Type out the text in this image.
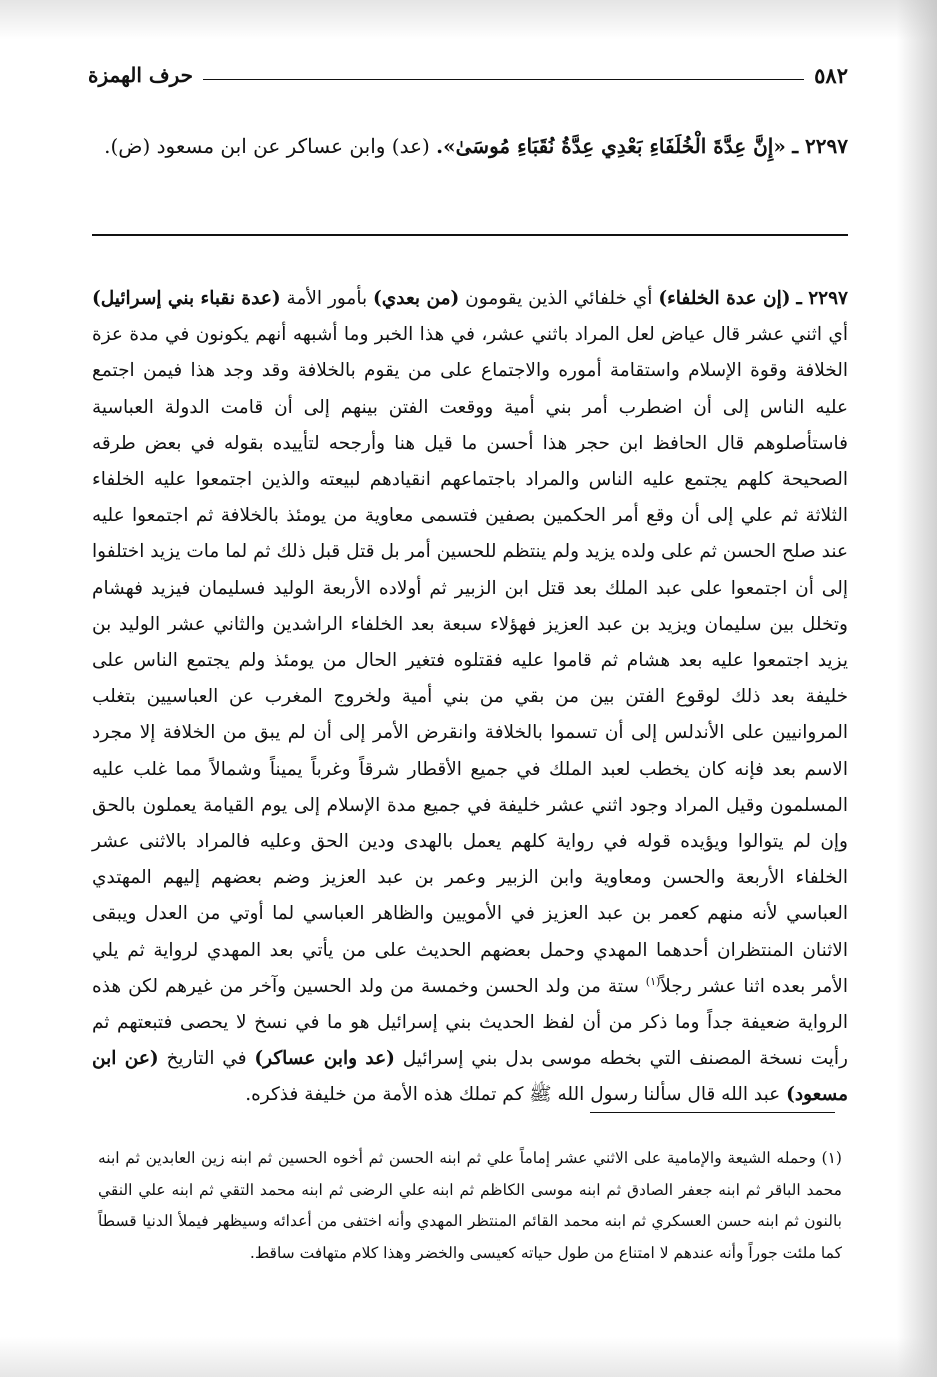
٥٨٢
حرف الهمزة
٢٢٩٧ ـ «إِنَّ عِدَّةَ الْخُلَفَاءِ بَعْدِي عِدَّةُ نُقَبَاءِ مُوسَىٰ». (عد) وابن عساكر عن ابن مسعود (ض).
٢٢٩٧ ـ (إن عدة الخلفاء) أي خلفائي الذين يقومون (من بعدي) بأمور الأمة (عدة نقباء بني إسرائيل) أي اثني عشر قال عياض لعل المراد باثني عشر، في هذا الخبر وما أشبهه أنهم يكونون في مدة عزة الخلافة وقوة الإسلام واستقامة أموره والاجتماع على من يقوم بالخلافة وقد وجد هذا فيمن اجتمع عليه الناس إلى أن اضطرب أمر بني أمية ووقعت الفتن بينهم إلى أن قامت الدولة العباسية فاستأصلوهم قال الحافظ ابن حجر هذا أحسن ما قيل هنا وأرجحه لتأييده بقوله في بعض طرقه الصحيحة كلهم يجتمع عليه الناس والمراد باجتماعهم انقيادهم لبيعته والذين اجتمعوا عليه الخلفاء الثلاثة ثم علي إلى أن وقع أمر الحكمين بصفين فتسمى معاوية من يومئذ بالخلافة ثم اجتمعوا عليه عند صلح الحسن ثم على ولده يزيد ولم ينتظم للحسين أمر بل قتل قبل ذلك ثم لما مات يزيد اختلفوا إلى أن اجتمعوا على عبد الملك بعد قتل ابن الزبير ثم أولاده الأربعة الوليد فسليمان فيزيد فهشام وتخلل بين سليمان ويزيد بن عبد العزيز فهؤلاء سبعة بعد الخلفاء الراشدين والثاني عشر الوليد بن يزيد اجتمعوا عليه بعد هشام ثم قاموا عليه فقتلوه فتغير الحال من يومئذ ولم يجتمع الناس على خليفة بعد ذلك لوقوع الفتن بين من بقي من بني أمية ولخروج المغرب عن العباسيين بتغلب المروانيين على الأندلس إلى أن تسموا بالخلافة وانقرض الأمر إلى أن لم يبق من الخلافة إلا مجرد الاسم بعد فإنه كان يخطب لعبد الملك في جميع الأقطار شرقاً وغرباً يميناً وشمالاً مما غلب عليه المسلمون وقيل المراد وجود اثني عشر خليفة في جميع مدة الإسلام إلى يوم القيامة يعملون بالحق وإن لم يتوالوا ويؤيده قوله في رواية كلهم يعمل بالهدى ودين الحق وعليه فالمراد بالاثنى عشر الخلفاء الأربعة والحسن ومعاوية وابن الزبير وعمر بن عبد العزيز وضم بعضهم إليهم المهتدي العباسي لأنه منهم كعمر بن عبد العزيز في الأمويين والظاهر العباسي لما أوتي من العدل ويبقى الاثنان المنتظران أحدهما المهدي وحمل بعضهم الحديث على من يأتي بعد المهدي لرواية ثم يلي الأمر بعده اثنا عشر رجلاً$^{(١)}$ ستة من ولد الحسن وخمسة من ولد الحسين وآخر من غيرهم لكن هذه الرواية ضعيفة جداً وما ذكر من أن لفظ الحديث بني إسرائيل هو ما في نسخ لا يحصى فتبعتهم ثم رأيت نسخة المصنف التي بخطه موسى بدل بني إسرائيل (عد وابن عساكر) في التاريخ (عن ابن مسعود) عبد الله قال سألنا رسول الله ﷺ كم تملك هذه الأمة من خليفة فذكره.
(١) وحمله الشيعة والإمامية على الاثني عشر إماماً علي ثم ابنه الحسن ثم أخوه الحسين ثم ابنه زين العابدين ثم ابنه محمد الباقر ثم ابنه جعفر الصادق ثم ابنه موسى الكاظم ثم ابنه علي الرضى ثم ابنه محمد التقي ثم ابنه علي النقي بالنون ثم ابنه حسن العسكري ثم ابنه محمد القائم المنتظر المهدي وأنه اختفى من أعدائه وسيظهر فيملأ الدنيا قسطاً كما ملئت جوراً وأنه عندهم لا امتناع من طول حياته كعيسى والخضر وهذا كلام متهافت ساقط.
